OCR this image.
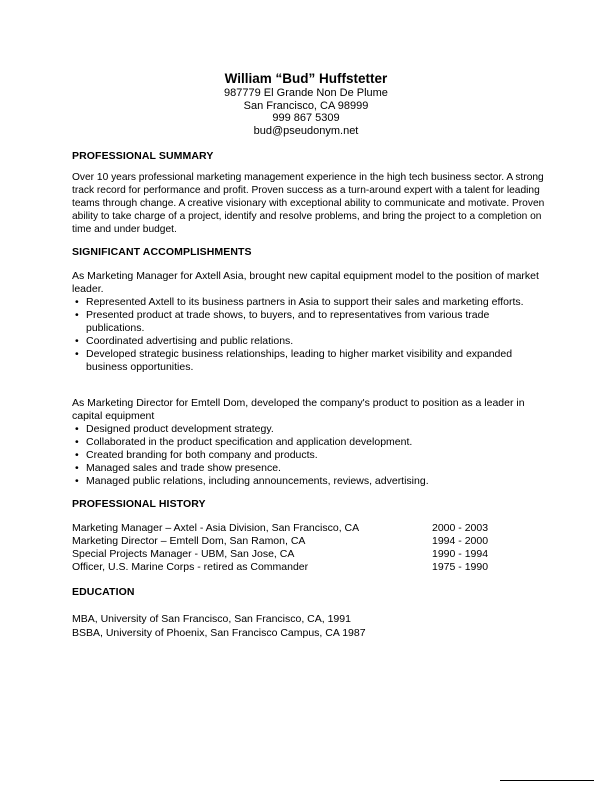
William “Bud” Huffstetter
987779 El Grande Non De Plume
San Francisco, CA 98999
999 867 5309
bud@pseudonym.net
PROFESSIONAL SUMMARY
Over 10 years professional marketing management experience in the high tech business sector. A strong track record for performance and profit. Proven success as a turn-around expert with a talent for leading teams through change. A creative visionary with exceptional ability to communicate and motivate. Proven ability to take charge of a project, identify and resolve problems, and bring the project to a completion on time and under budget.
SIGNIFICANT ACCOMPLISHMENTS

As Marketing Manager for Axtell Asia, brought new capital equipment model to the position of market leader.

• Represented Axtell to its business partners in Asia to support their sales and marketing efforts.
• Presented product at trade shows, to buyers, and to representatives from various trade publications.
• Coordinated advertising and public relations.
• Developed strategic business relationships, leading to higher market visibility and expanded business opportunities.

As Marketing Director for Emtell Dom, developed the company's product to position as a leader in capital equipment

• Designed product development strategy.
• Collaborated in the product specification and application development.
• Created branding for both company and products.
• Managed sales and trade show presence.
• Managed public relations, including announcements, reviews, advertising.
PROFESSIONAL HISTORY
Marketing Manager – Axtel - Asia Division, San Francisco, CA	2000 - 2003
Marketing Director – Emtell Dom, San Ramon, CA	1994 - 2000
Special Projects Manager - UBM, San Jose, CA	1990 - 1994
Officer, U.S. Marine Corps - retired as Commander	1975 - 1990
EDUCATION
MBA, University of San Francisco, San Francisco, CA, 1991
BSBA, University of Phoenix, San Francisco Campus, CA 1987
